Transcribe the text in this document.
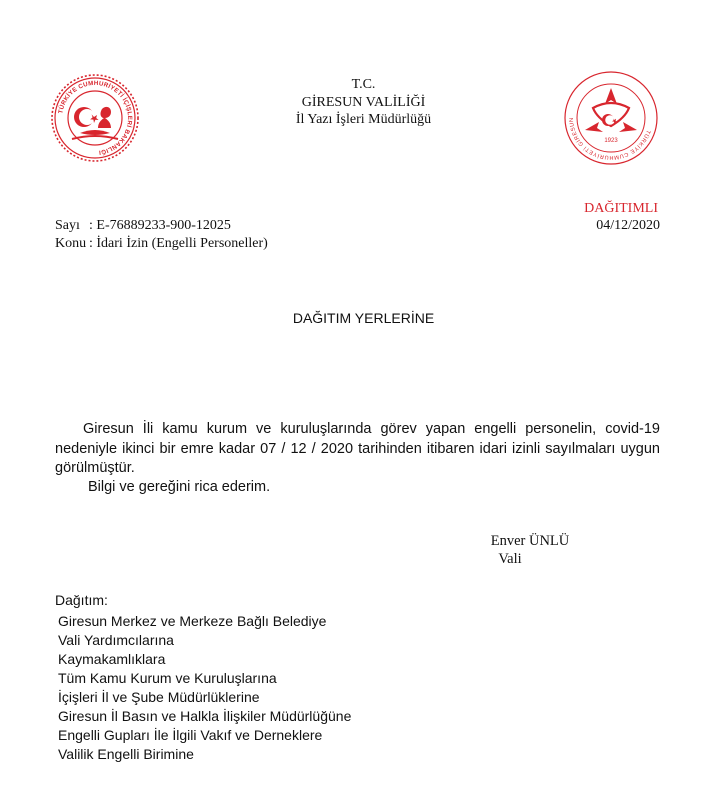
TÜRKİYE CUMHURİYETİ İÇİŞLERİ BAKANLIĞI
TÜRKİYE CUMHURİYETİ GİRESUN
1923
T.C.
GİRESUN VALİLİĞİ
İl Yazı İşleri Müdürlüğü
DAĞITIMLI
04/12/2020
Sayı : E-76889233-900-12025
Konu : İdari İzin (Engelli Personeller)
DAĞITIM YERLERİNE
Giresun İli kamu kurum ve kuruluşlarında görev yapan engelli personelin, covid-19 nedeniyle ikinci bir emre kadar 07 / 12 / 2020 tarihinden itibaren idari izinli sayılmaları uygun görülmüştür.
Bilgi ve gereğini rica ederim.
Enver ÜNLÜ
Vali
Dağıtım:
Giresun Merkez ve Merkeze Bağlı Belediye
Vali Yardımcılarına
Kaymakamlıklara
Tüm Kamu Kurum ve Kuruluşlarına
İçişleri İl ve Şube Müdürlüklerine
Giresun İl Basın ve Halkla İlişkiler Müdürlüğüne
Engelli Gupları İle İlgili Vakıf ve Derneklere
Valilik Engelli Birimine
